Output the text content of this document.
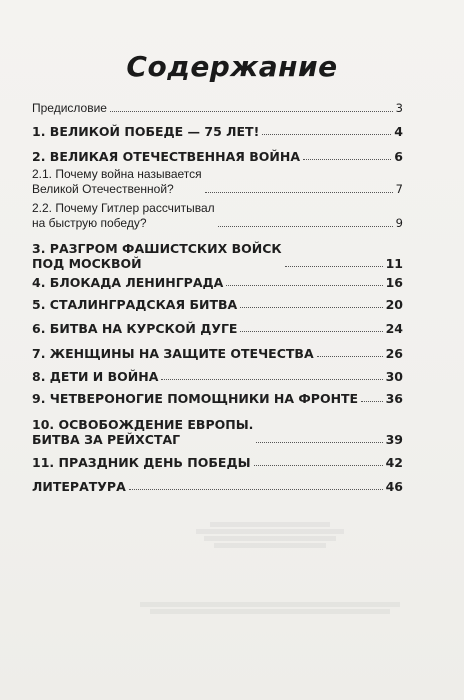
Содержание
Предисловие	3
1. ВЕЛИКОЙ ПОБЕДЕ — 75 ЛЕТ!	4
2. ВЕЛИКАЯ ОТЕЧЕСТВЕННАЯ ВОЙНА	6
2.1. Почему война называется
Великой Отечественной?	7
2.2. Почему Гитлер рассчитывал
на быструю победу?	9
3. РАЗГРОМ ФАШИСТСКИХ ВОЙСК
ПОД МОСКВОЙ	11
4. БЛОКАДА ЛЕНИНГРАДА	16
5. СТАЛИНГРАДСКАЯ БИТВА	20
6. БИТВА НА КУРСКОЙ ДУГЕ	24
7. ЖЕНЩИНЫ НА ЗАЩИТЕ ОТЕЧЕСТВА	26
8. ДЕТИ И ВОЙНА	30
9. ЧЕТВЕРОНОГИЕ ПОМОЩНИКИ НА ФРОНТЕ 36
10. ОСВОБОЖДЕНИЕ ЕВРОПЫ.
БИТВА ЗА РЕЙХСТАГ	39
11. ПРАЗДНИК ДЕНЬ ПОБЕДЫ	42
ЛИТЕРАТУРА	46
